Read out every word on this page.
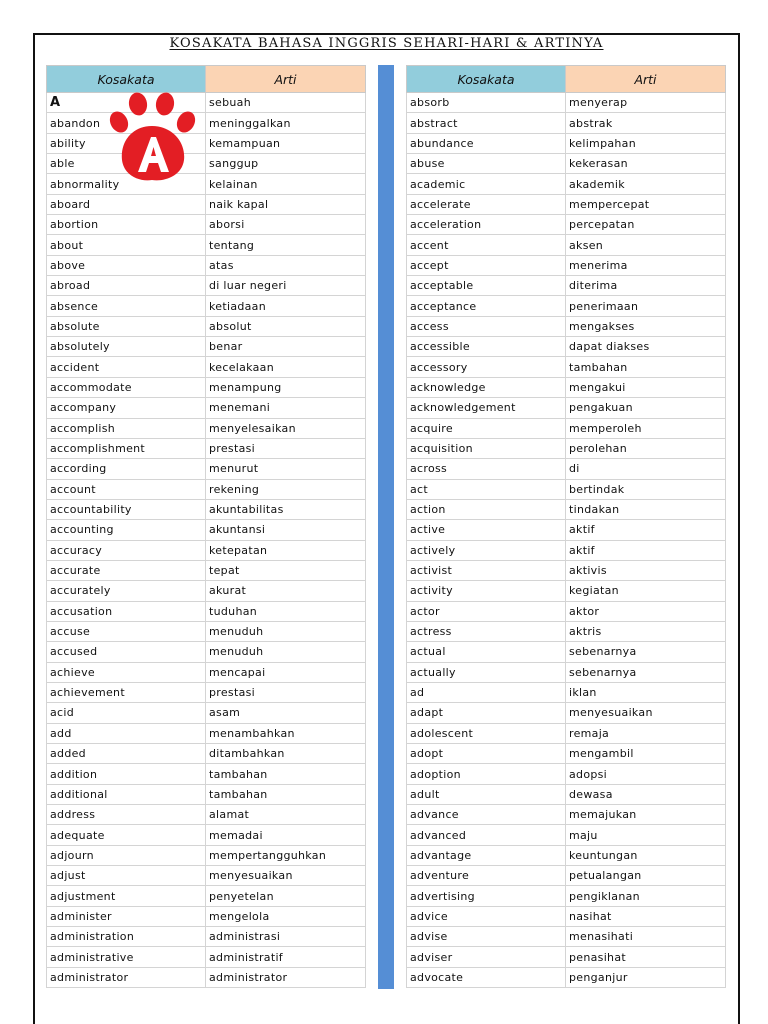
KOSAKATA BAHASA INGGRIS SEHARI-HARI & ARTINYA
Kosakata	Arti
A	sebuah
abandon	meninggalkan
ability	kemampuan
able	sanggup
abnormality	kelainan
aboard	naik kapal
abortion	aborsi
about	tentang
above	atas
abroad	di luar negeri
absence	ketiadaan
absolute	absolut
absolutely	benar
accident	kecelakaan
accommodate	menampung
accompany	menemani
accomplish	menyelesaikan
accomplishment	prestasi
according	menurut
account	rekening
accountability	akuntabilitas
accounting	akuntansi
accuracy	ketepatan
accurate	tepat
accurately	akurat
accusation	tuduhan
accuse	menuduh
accused	menuduh
achieve	mencapai
achievement	prestasi
acid	asam
add	menambahkan
added	ditambahkan
addition	tambahan
additional	tambahan
address	alamat
adequate	memadai
adjourn	mempertangguhkan
adjust	menyesuaikan
adjustment	penyetelan
administer	mengelola
administration	administrasi
administrative	administratif
administrator	administrator
Kosakata	Arti
absorb	menyerap
abstract	abstrak
abundance	kelimpahan
abuse	kekerasan
academic	akademik
accelerate	mempercepat
acceleration	percepatan
accent	aksen
accept	menerima
acceptable	diterima
acceptance	penerimaan
access	mengakses
accessible	dapat diakses
accessory	tambahan
acknowledge	mengakui
acknowledgement	pengakuan
acquire	memperoleh
acquisition	perolehan
across	di
act	bertindak
action	tindakan
active	aktif
actively	aktif
activist	aktivis
activity	kegiatan
actor	aktor
actress	aktris
actual	sebenarnya
actually	sebenarnya
ad	iklan
adapt	menyesuaikan
adolescent	remaja
adopt	mengambil
adoption	adopsi
adult	dewasa
advance	memajukan
advanced	maju
advantage	keuntungan
adventure	petualangan
advertising	pengiklanan
advice	nasihat
advise	menasihati
adviser	penasihat
advocate	penganjur
